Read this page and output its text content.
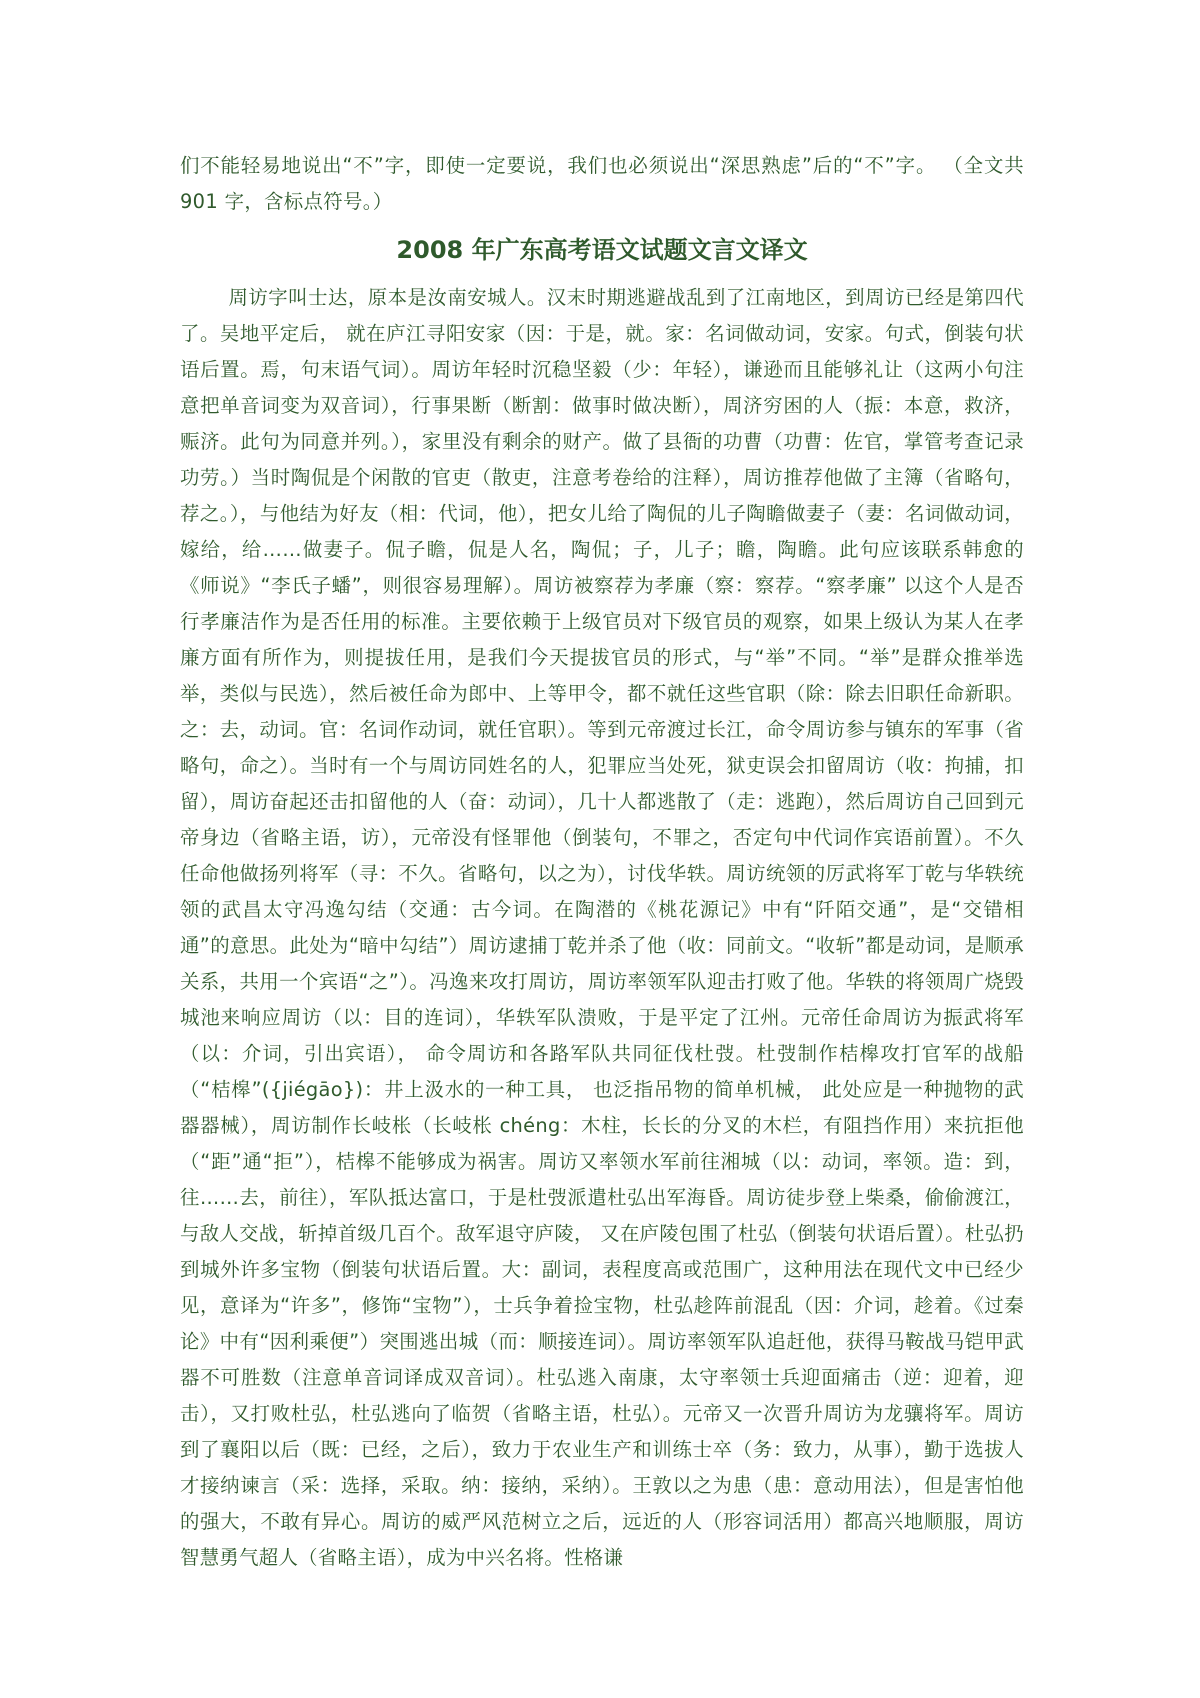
们不能轻易地说出“不”字，即使一定要说，我们也必须说出“深思熟虑”后的“不”字。 （全文共 901 字，含标点符号。）

2008 年广东高考语文试题文言文译文

周访字叫士达，原本是汝南安城人。汉末时期逃避战乱到了江南地区，到周访已经是第四代了。吴地平定后， 就在庐江寻阳安家（因：于是，就。家：名词做动词，安家。句式，倒装句状语后置。焉，句末语气词）。周访年轻时沉稳坚毅（少：年轻），谦逊而且能够礼让（这两小句注意把单音词变为双音词），行事果断（断割：做事时做决断），周济穷困的人（振：本意，救济，赈济。此句为同意并列。），家里没有剩余的财产。做了县衙的功曹（功曹：佐官，掌管考查记录功劳。）当时陶侃是个闲散的官吏（散吏，注意考卷给的注释），周访推荐他做了主簿（省略句，荐之。），与他结为好友（相：代词，他），把女儿给了陶侃的儿子陶瞻做妻子（妻：名词做动词，嫁给，给……做妻子。侃子瞻，侃是人名，陶侃；子，儿子；瞻，陶瞻。此句应该联系韩愈的《师说》“李氏子蟠”，则很容易理解）。周访被察荐为孝廉（察：察荐。“察孝廉” 以这个人是否行孝廉洁作为是否任用的标准。主要依赖于上级官员对下级官员的观察，如果上级认为某人在孝廉方面有所作为，则提拔任用，是我们今天提拔官员的形式，与“举”不同。“举”是群众推举选举，类似与民选），然后被任命为郎中、上等甲令，都不就任这些官职（除：除去旧职任命新职。之：去，动词。官：名词作动词，就任官职）。等到元帝渡过长江，命令周访参与镇东的军事（省略句，命之）。当时有一个与周访同姓名的人，犯罪应当处死，狱吏误会扣留周访（收：拘捕，扣留），周访奋起还击扣留他的人（奋：动词），几十人都逃散了（走：逃跑），然后周访自己回到元帝身边（省略主语，访），元帝没有怪罪他（倒装句，不罪之，否定句中代词作宾语前置）。不久任命他做扬列将军（寻：不久。省略句，以之为），讨伐华轶。周访统领的厉武将军丁乾与华轶统领的武昌太守冯逸勾结（交通：古今词。在陶潜的《桃花源记》中有“阡陌交通”，是“交错相通”的意思。此处为“暗中勾结”）周访逮捕丁乾并杀了他（收：同前文。“收斩”都是动词，是顺承关系，共用一个宾语“之”）。冯逸来攻打周访，周访率领军队迎击打败了他。华轶的将领周广烧毁城池来响应周访（以：目的连词），华轶军队溃败，于是平定了江州。元帝任命周访为振武将军（以：介词，引出宾语）， 命令周访和各路军队共同征伐杜弢。杜弢制作桔槔攻打官军的战船（“桔槔”({jiégāo})：井上汲水的一种工具， 也泛指吊物的简单机械， 此处应是一种抛物的武器器械），周访制作长岐枨（长岐枨 chéng：木柱，长长的分叉的木栏，有阻挡作用）来抗拒他（“距”通“拒”），桔槔不能够成为祸害。周访又率领水军前往湘城（以：动词，率领。造：到，往……去，前往），军队抵达富口，于是杜弢派遣杜弘出军海昏。周访徒步登上柴桑，偷偷渡江，与敌人交战，斩掉首级几百个。敌军退守庐陵， 又在庐陵包围了杜弘（倒装句状语后置）。杜弘扔到城外许多宝物（倒装句状语后置。大：副词，表程度高或范围广，这种用法在现代文中已经少见，意译为“许多”，修饰“宝物”），士兵争着捡宝物，杜弘趁阵前混乱（因：介词，趁着。《过秦论》中有“因利乘便”）突围逃出城（而：顺接连词）。周访率领军队追赶他，获得马鞍战马铠甲武器不可胜数（注意单音词译成双音词）。杜弘逃入南康，太守率领士兵迎面痛击（逆：迎着，迎击），又打败杜弘，杜弘逃向了临贺（省略主语，杜弘）。元帝又一次晋升周访为龙骧将军。周访到了襄阳以后（既：已经，之后），致力于农业生产和训练士卒（务：致力，从事），勤于选拔人才接纳谏言（采：选择，采取。纳：接纳，采纳）。王敦以之为患（患：意动用法），但是害怕他的强大，不敢有异心。周访的威严风范树立之后，远近的人（形容词活用）都高兴地顺服，周访智慧勇气超人（省略主语），成为中兴名将。性格谦
